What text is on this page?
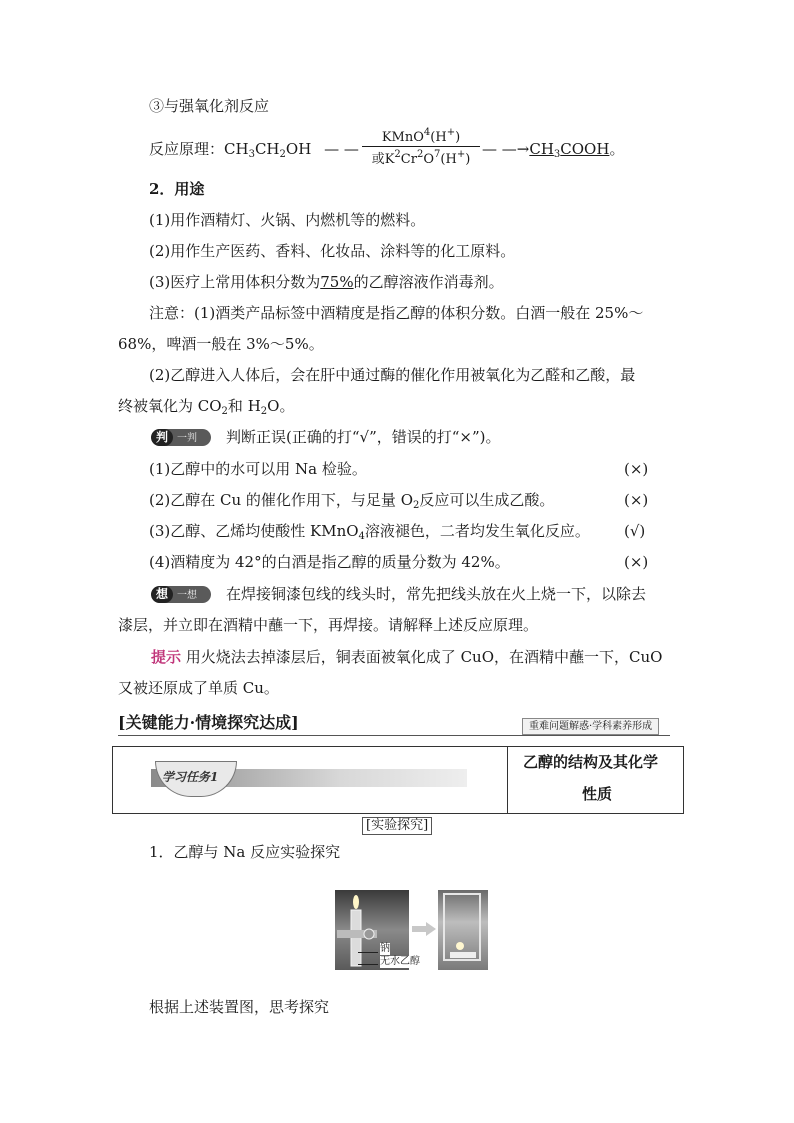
③与强氧化剂反应
反应原理：$CH_3CH_2OH$ — —
KMnO$^4$(H+)
或$K^2Cr^2O^7(H^+)$
— $—\to CH_3COOH$。
2．用途
(1)用作酒精灯、火锅、内燃机等的燃料。
(2)用作生产医药、香料、化妆品、涂料等的化工原料。
(3)医疗上常用体积分数为75%的乙醇溶液作消毒剂。
注意：(1)酒类产品标签中酒精度是指乙醇的体积分数。白酒一般在 25%～
68%，啤酒一般在 3%～5%。
(2)乙醇进入人体后，会在肝中通过酶的催化作用被氧化为乙醛和乙酸，最
终被氧化为 $CO_2$和 $H_2O$。
判 一判	判断正误(正确的打“√”，错误的打“×”)。
(1)乙醇中的水可以用 Na 检验。	(×)
(2)乙醇在 Cu 的催化作用下，与足量 $O_2$反应可以生成乙酸。	(×)
(3)乙醇、乙烯均使酸性 KMnO$_4$溶液褪色，二者均发生氧化反应。 (√)
(4)酒精度为 42°的白酒是指乙醇的质量分数为 42%。	(×)
想 一想	在焊接铜漆包线的线头时，常先把线头放在火上烧一下，以除去
漆层，并立即在酒精中蘸一下，再焊接。请解释上述反应原理。
提示 用火烧法去掉漆层后，铜表面被氧化成了 CuO，在酒精中蘸一下，CuO
又被还原成了单质 Cu。
[关键能力·情境探究达成]	重难问题解惑·学科素养形成
学习任务1
乙醇的结构及其化学
性质
[实验探究]
1．乙醇与 Na 反应实验探究
钠
无水乙醇
根据上述装置图，思考探究
